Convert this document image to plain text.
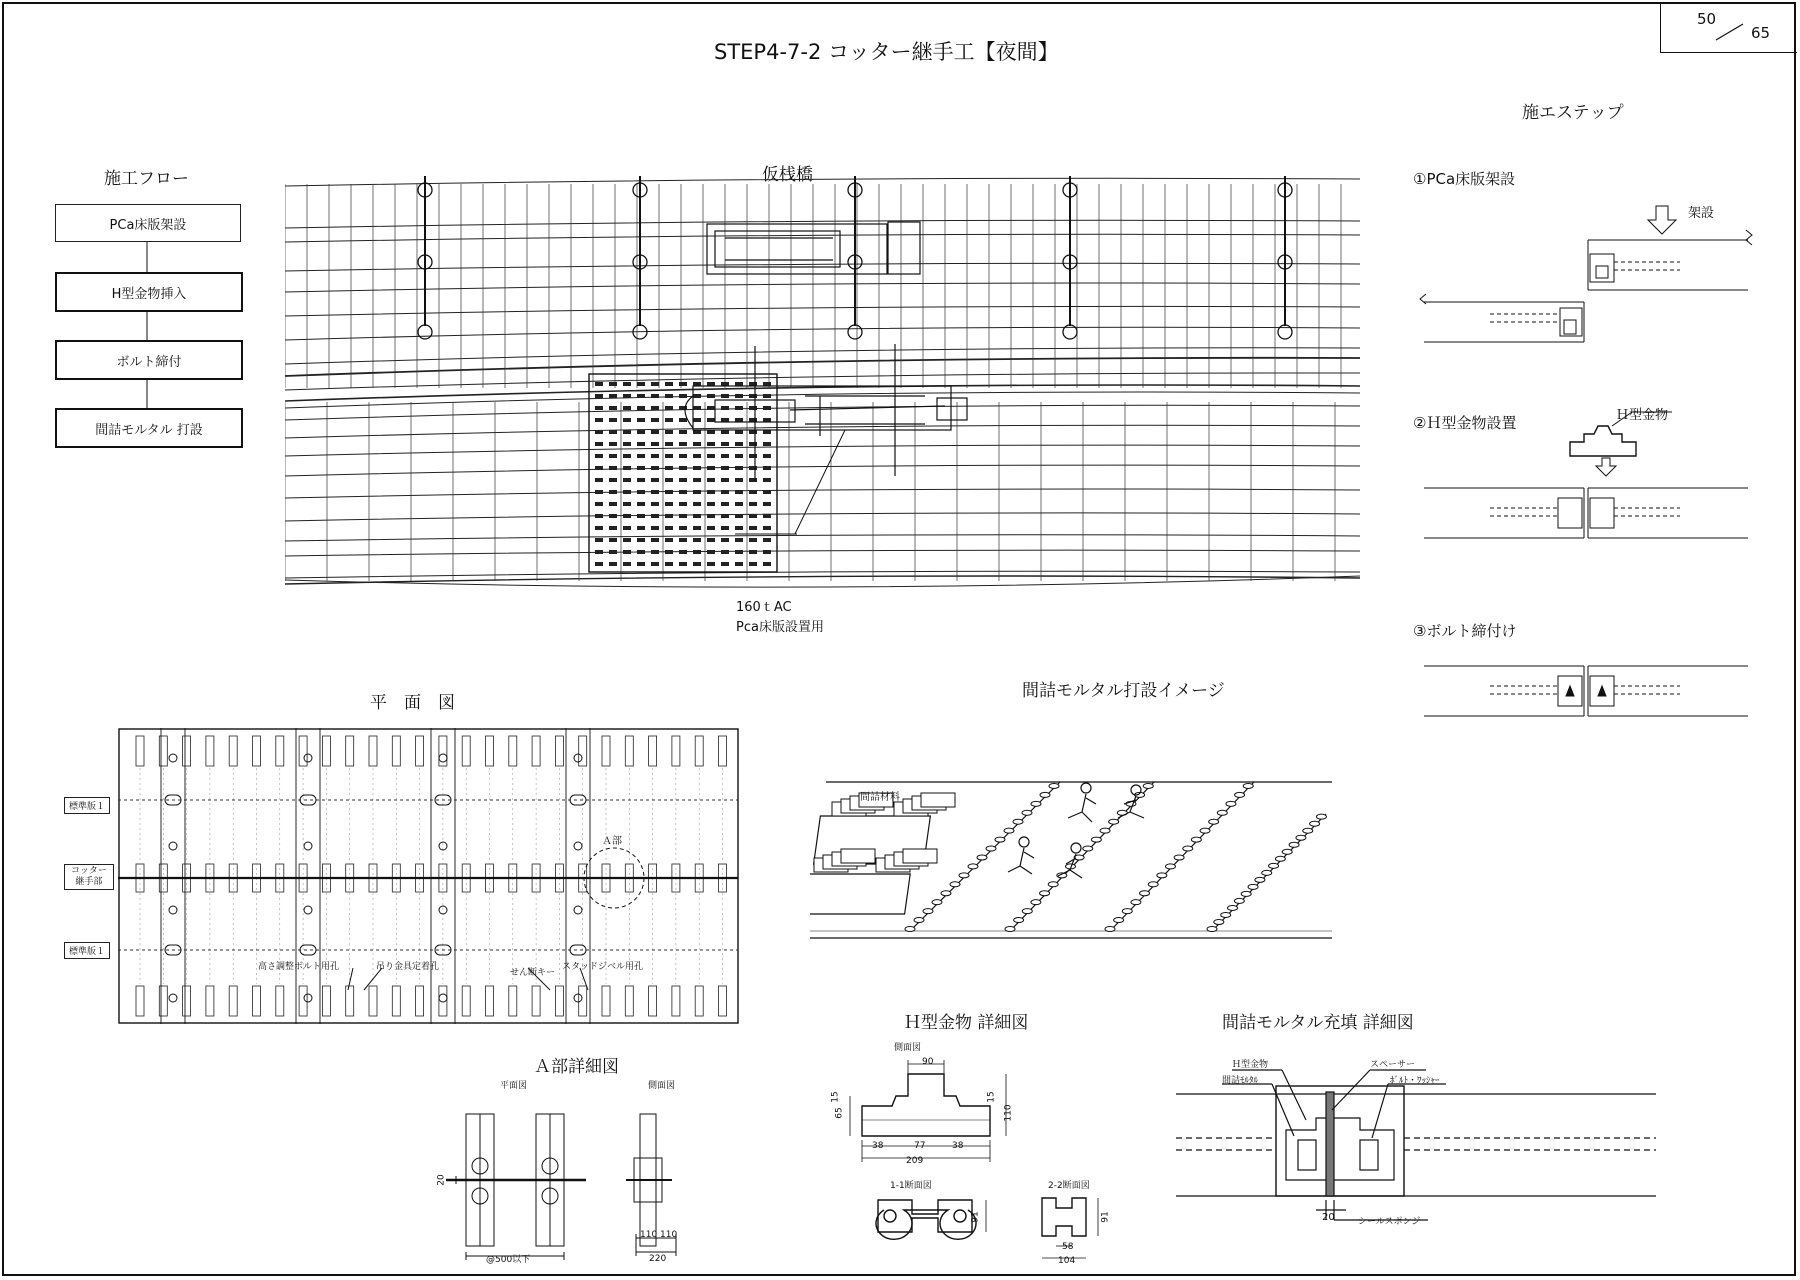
50
65
STEP4-7-2 コッター継手工【夜間】
施工フロー
PCa床版架設
H型金物挿入
ボルト締付
間詰モルタル 打設
仮桟橋
160ｔAC
Pca床版設置用
施エステップ
①PCa床版架設
架設
②Ｈ型金物設置	Ｈ型金物
③ボルト締付け
平　面　図
標準版１
コッター
継手部
標準版１
Ａ部
高さ調整ボルト用孔	吊り金具定着孔
せん断キー
スタッドジベル用孔
間詰モルタル打設イメージ
間詰材料
Ａ部詳細図
平面図	側面図
20
@500以下
110 110
220
Ｈ型金物 詳細図
側面図
90
65	110
15	15
38	77	38
209
1-1断面図	2-2断面図
91	91
58
104
間詰モルタル充填 詳細図
Ｈ型金物
間詰ﾓﾙﾀﾙ
スペーサー
ﾎﾞﾙﾄ・ﾜｯｼｬｰ
20	シールスポンジ
